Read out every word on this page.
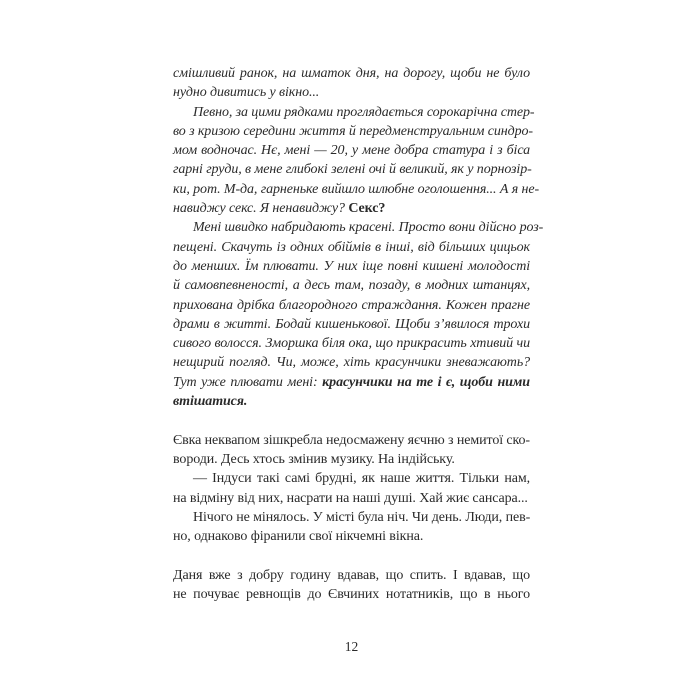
смішливий ранок, на шматок дня, на дорогу, щоби не було
нудно дивитись у вікно...
Певно, за цими рядками проглядається сорокарічна стер-
во з кризою середини життя й передменструальним синдро-
мом водночас. Нє, мені — 20, у мене добра статура і з біса
гарні груди, в мене глибокі зелені очі й великий, як у порнозір-
ки, рот. М-да, гарненьке вийшло шлюбне оголошення... А я не-
навиджу секс. Я ненавиджу? Секс?
Мені швидко набридають красені. Просто вони дійсно роз-
пещені. Скачуть із одних обіймів в інші, від більших цицьок
до менших. Їм плювати. У них іще повні кишені молодості
й самовпевненості, а десь там, позаду, в модних штанцях,
прихована дрібка благородного страждання. Кожен прагне
драми в житті. Бодай кишенькової. Щоби з’явилося трохи
сивого волосся. Зморшка біля ока, що прикрасить хтивий чи
нещирий погляд. Чи, може, хіть красунчики зневажають?
Тут уже плювати мені: красунчики на те і є, щоби ними
втішатися.
Євка неквапом зішкребла недосмажену яєчню з немитої ско-
вороди. Десь хтось змінив музику. На індійську.
— Індуси такі самі брудні, як наше життя. Тільки нам,
на відміну від них, насрати на наші душі. Хай жиє сансара...
Нічого не мінялось. У місті була ніч. Чи день. Люди, пев-
но, однаково фіранили свої нікчемні вікна.
Даня вже з добру годину вдавав, що спить. І вдавав, що
не почуває ревнощів до Євчиних нотатників, що в нього
12
